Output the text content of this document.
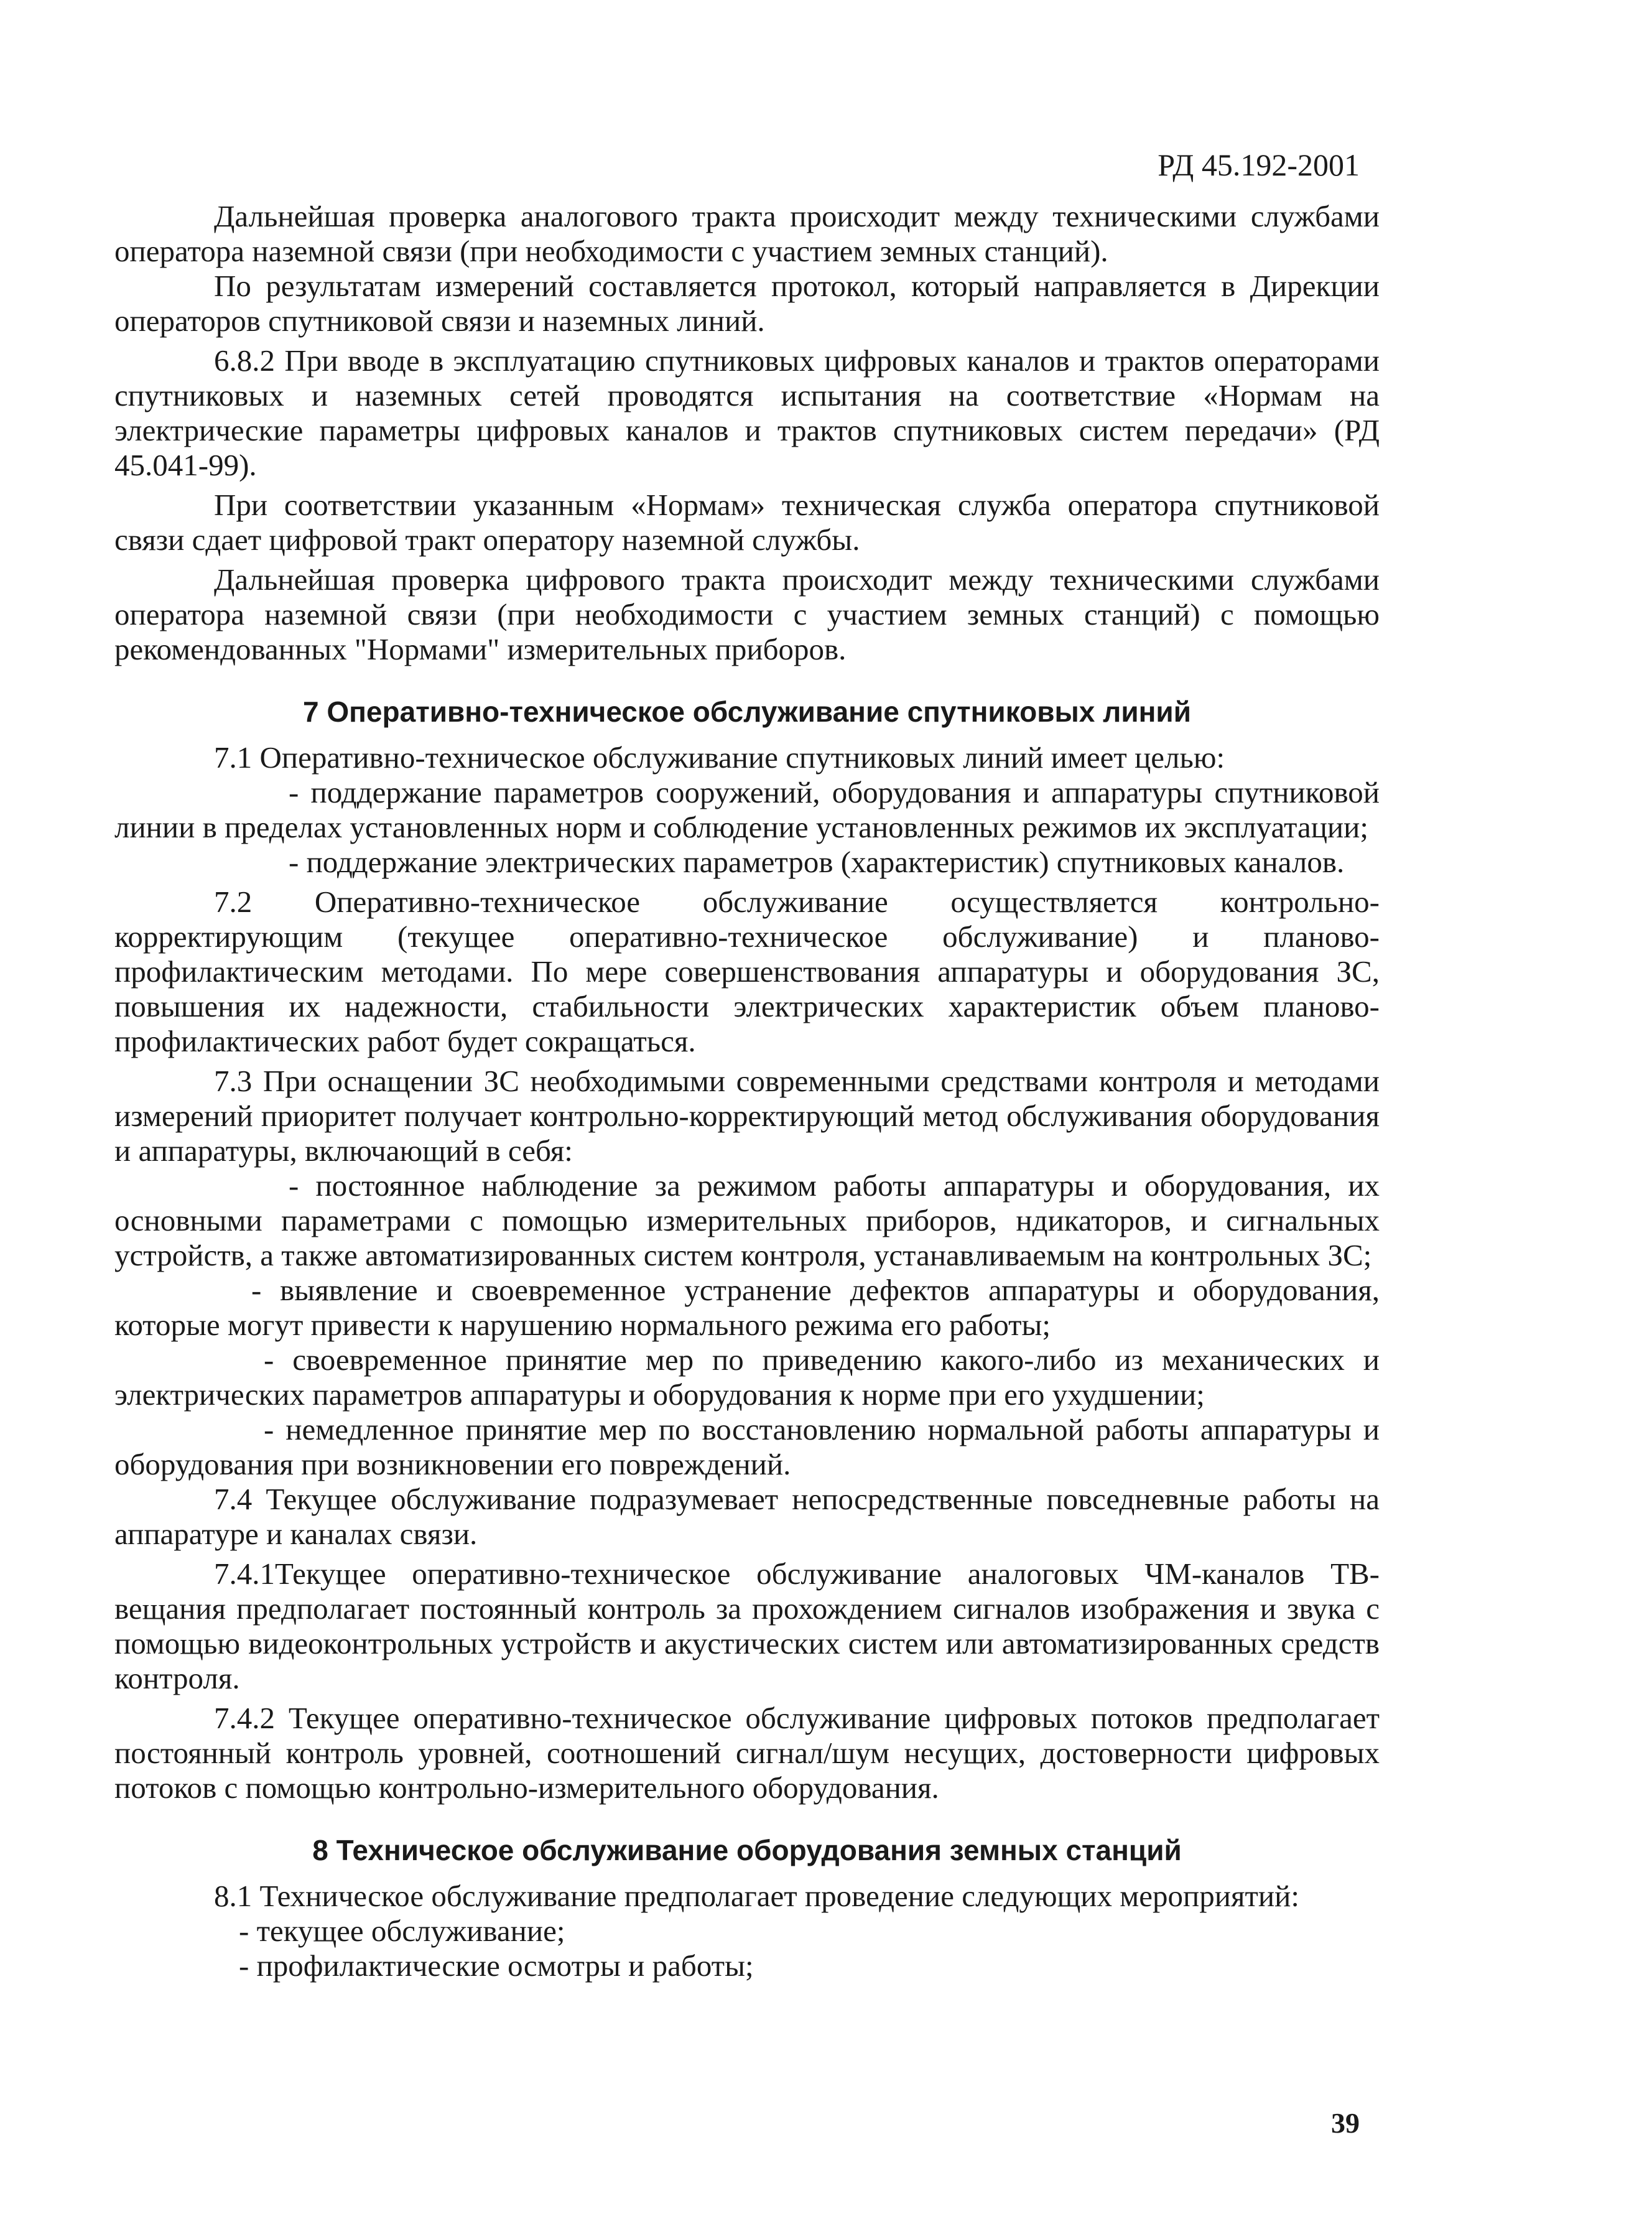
РД 45.192-2001

Дальнейшая проверка аналогового тракта происходит между техническими службами оператора наземной связи (при необходимости с участием земных станций).

По результатам измерений составляется протокол, который направляется в Дирекции операторов спутниковой связи и наземных линий.

6.8.2 При вводе в эксплуатацию спутниковых цифровых каналов и трактов операторами спутниковых и наземных сетей проводятся испытания на соответствие «Нормам на электрические параметры цифровых каналов и трактов спутниковых систем передачи» (РД 45.041-99).

При соответствии указанным «Нормам» техническая служба оператора спутниковой связи сдает цифровой тракт оператору наземной службы.

Дальнейшая проверка цифрового тракта происходит между техническими службами оператора наземной связи (при необходимости с участием земных станций) с помощью рекомендованных "Нормами" измерительных приборов.

7 Оперативно-техническое обслуживание спутниковых линий

7.1 Оперативно-техническое обслуживание спутниковых линий имеет целью:

- поддержание параметров сооружений, оборудования и аппаратуры спутниковой линии в пределах установленных норм и соблюдение установленных режимов их эксплуатации;

- поддержание электрических параметров (характеристик) спутниковых каналов.

7.2 Оперативно-техническое обслуживание осуществляется контрольно-корректирующим (текущее оперативно-техническое обслуживание) и планово-профилактическим методами. По мере совершенствования аппаратуры и оборудования ЗС, повышения их надежности, стабильности электрических характеристик объем планово-профилактических работ будет сокращаться.

7.3 При оснащении ЗС необходимыми современными средствами контроля и методами измерений приоритет получает контрольно-корректирующий метод обслуживания оборудования и аппаратуры, включающий в себя:

- постоянное наблюдение за режимом работы аппаратуры и оборудования, их основными параметрами с помощью измерительных приборов, ндикаторов, и сигнальных устройств, а также автоматизированных систем контроля, устанавливаемым на контрольных ЗС;

- выявление и своевременное устранение дефектов аппаратуры и оборудования, которые могут привести к нарушению нормального режима его работы;

- своевременное принятие мер по приведению какого-либо из механических и электрических параметров аппаратуры и оборудования к норме при его ухудшении;

- немедленное принятие мер по восстановлению нормальной работы аппаратуры и оборудования при возникновении его повреждений.

7.4 Текущее обслуживание подразумевает непосредственные повседневные работы на аппаратуре и каналах связи.

7.4.1Текущее оперативно-техническое обслуживание аналоговых ЧМ-каналов ТВ-вещания предполагает постоянный контроль за прохождением сигналов изображения и звука с помощью видеоконтрольных устройств и акустических систем или автоматизированных средств контроля.

7.4.2 Текущее оперативно-техническое обслуживание цифровых потоков предполагает постоянный контроль уровней, соотношений сигнал/шум несущих, достоверности цифровых потоков с помощью контрольно-измерительного оборудования.

8 Техническое обслуживание оборудования земных станций

8.1 Техническое обслуживание предполагает проведение следующих мероприятий:

- текущее обслуживание;

- профилактические осмотры и работы;

39
